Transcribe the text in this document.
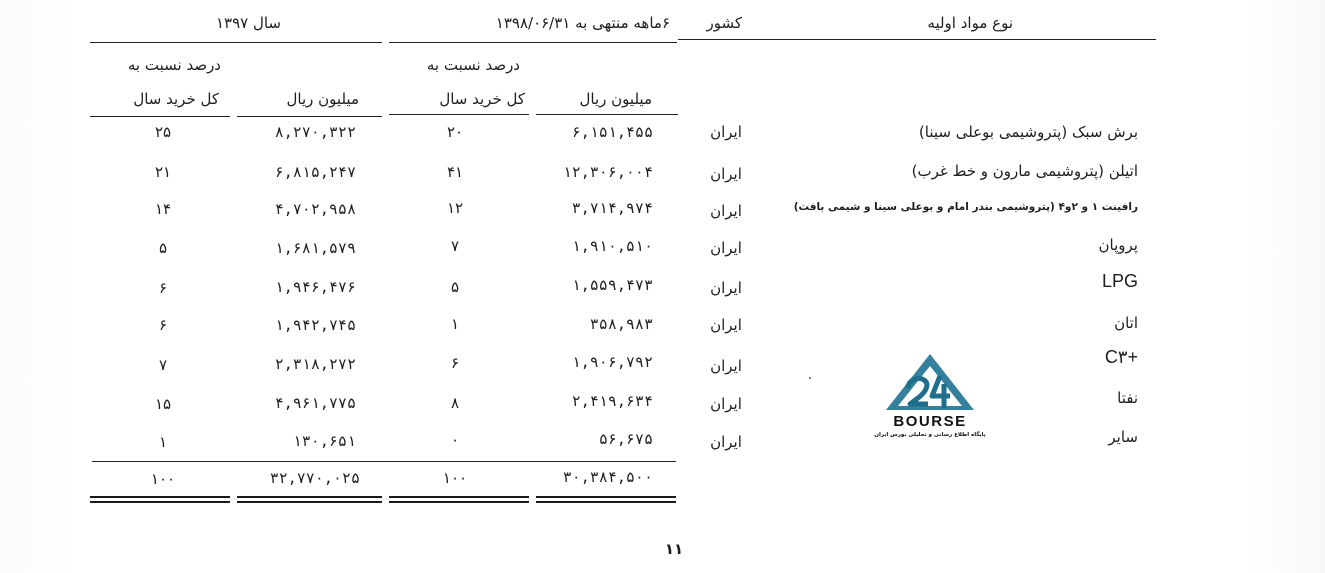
نوع مواد اولیه
کشور
۶ماهه منتهی به ۱۳۹۸/۰۶/۳۱
سال ۱۳۹۷
درصد نسبت به
کل خرید سال	میلیون ریال
درصد نسبت به
کل خرید سال	میلیون ریال
برش سبک (پتروشیمی بوعلی سینا)
ایران
۶,۱۵۱,۴۵۵
۲۰
۸,۲۷۰,۳۲۲
۲۵
اتیلن (پتروشیمی مارون و خط غرب)
ایران
۱۲,۳۰۶,۰۰۴
۴۱
۶,۸۱۵,۲۴۷
۲۱
رافینت ۱ و ۲و۴ (پتروشیمی بندر امام و بوعلی سینا و شیمی بافت)
ایران
۳,۷۱۴,۹۷۴
۱۲
۴,۷۰۲,۹۵۸
۱۴
پروپان
ایران
۱,۹۱۰,۵۱۰
۷
۱,۶۸۱,۵۷۹
۵
LPG
ایران
۱,۵۵۹,۴۷۳
۵
۱,۹۴۶,۴۷۶
۶
اتان
ایران
۳۵۸,۹۸۳
۱
۱,۹۴۲,۷۴۵
۶
C۳+
ایران
۱,۹۰۶,۷۹۲
۶
۲,۳۱۸,۲۷۲
۷
نفتا
ایران
۲,۴۱۹,۶۳۴
۸
۴,۹۶۱,۷۷۵
۱۵
سایر
ایران
۵۶,۶۷۵
۰
۱۳۰,۶۵۱
۱
۳۰,۳۸۴,۵۰۰
۱۰۰
۳۲,۷۷۰,۰۲۵
۱۰۰
BOURSE
پایگاه اطلاع رسانی و تحلیلی بورس ایران
۱۱
